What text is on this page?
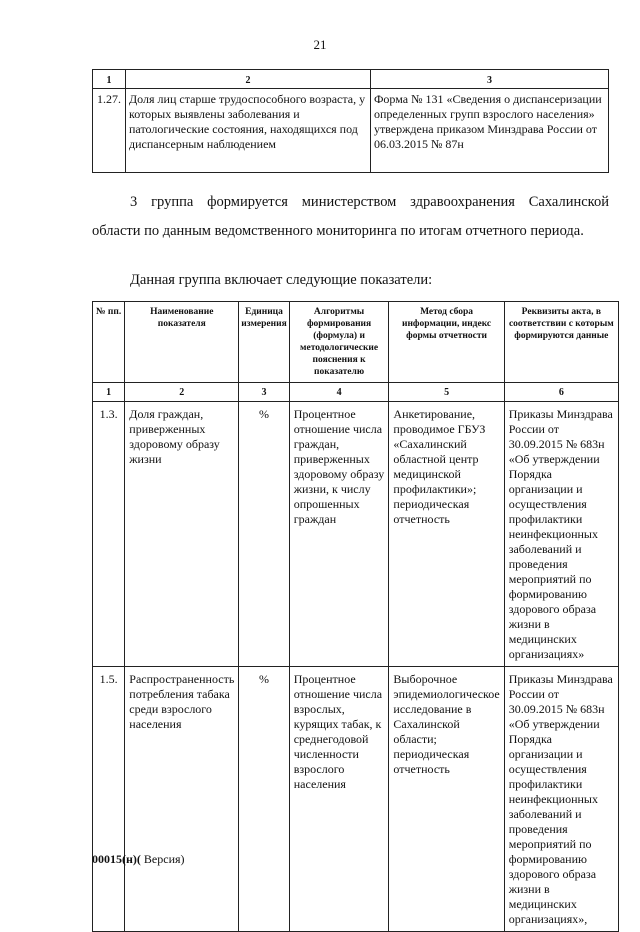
21
1	2	3
1.27.	Доля лиц старше трудоспособного возраста, у которых выявлены заболевания и патологические состояния, находящихся под диспансерным наблюдением	Форма № 131 «Сведения о диспансеризации определенных групп взрослого населения» утверждена приказом Минздрава России от 06.03.2015 № 87н
3 группа формируется министерством здравоохранения Сахалинской области по данным ведомственного мониторинга по итогам отчетного периода.
Данная группа включает следующие показатели:
№ пп.	Наименование показателя	Единица измерения	Алгоритмы формирования (формула) и методологические пояснения к показателю	Метод сбора информации, индекс формы отчетности	Реквизиты акта, в соответствии с которым формируются данные
1	2	3	4	5	6
1.3.	Доля граждан, приверженных здоровому образу жизни	%	Процентное отношение числа граждан, приверженных здоровому образу жизни, к числу опрошенных граждан	Анкетирование, проводимое ГБУЗ «Сахалинский областной центр медицинской профилактики»; периодическая отчетность	Приказы Минздрава России от 30.09.2015 № 683н «Об утверждении Порядка организации и осуществления профилактики неинфекционных заболеваний и проведения мероприятий по формированию здорового образа жизни в медицинских организациях»
1.5.	Распространенность потребления табака среди взрослого населения	%	Процентное отношение числа взрослых, курящих табак, к среднегодовой численности взрослого населения	Выборочное эпидемиологическое исследование в Сахалинской области; периодическая отчетность	Приказы Минздрава России от 30.09.2015 № 683н «Об утверждении Порядка организации и осуществления профилактики неинфекционных заболеваний и проведения мероприятий по формированию здорового образа жизни в медицинских организациях»,
00015(н)( Версия)
